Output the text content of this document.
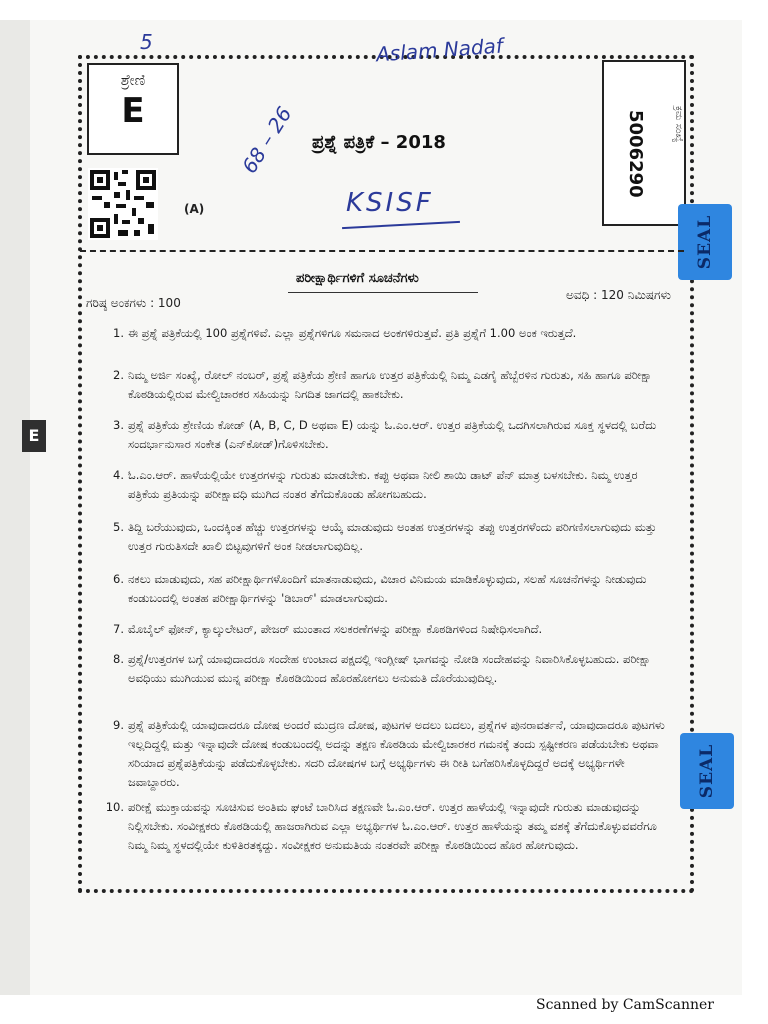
E
5	Aslam Nadaf
68 – 26
KSISF
ಶ್ರೇಣಿ
E
(A)
ಪ್ರಶ್ನೆ ಪತ್ರಿಕೆ – 2018	5006290	ಕ್ರಮ ಸಂಖ್ಯೆ
SEAL
SEAL
ಪರೀಕ್ಷಾರ್ಥಿಗಳಿಗೆ ಸೂಚನೆಗಳು
ಗರಿಷ್ಠ ಅಂಕಗಳು : 100
ಅವಧಿ : 120 ನಿಮಿಷಗಳು
1. ಈ ಪ್ರಶ್ನೆ ಪತ್ರಿಕೆಯಲ್ಲಿ 100 ಪ್ರಶ್ನೆಗಳಿವೆ. ಎಲ್ಲಾ ಪ್ರಶ್ನೆಗಳಿಗೂ ಸಮನಾದ ಅಂಕಗಳಿರುತ್ತವೆ. ಪ್ರತಿ ಪ್ರಶ್ನೆಗೆ 1.00 ಅಂಕ ಇರುತ್ತದೆ.
2. ನಿಮ್ಮ ಅರ್ಜಿ ಸಂಖ್ಯೆ, ರೋಲ್ ನಂಬರ್, ಪ್ರಶ್ನೆ ಪತ್ರಿಕೆಯ ಶ್ರೇಣಿ ಹಾಗೂ ಉತ್ತರ ಪತ್ರಿಕೆಯಲ್ಲಿ ನಿಮ್ಮ ಎಡಗೈ ಹೆಬ್ಬೆರಳಿನ ಗುರುತು, ಸಹಿ ಹಾಗೂ ಪರೀಕ್ಷಾ ಕೊಠಡಿಯಲ್ಲಿರುವ ಮೇಲ್ವಿಚಾರಕರ ಸಹಿಯನ್ನು ನಿಗದಿತ ಜಾಗದಲ್ಲಿ ಹಾಕಬೇಕು.
3. ಪ್ರಶ್ನೆ ಪತ್ರಿಕೆಯ ಶ್ರೇಣಿಯ ಕೋಡ್ (A, B, C, D ಅಥವಾ E) ಯನ್ನು ಓ.ಎಂ.ಆರ್. ಉತ್ತರ ಪತ್ರಿಕೆಯಲ್ಲಿ ಒದಗಿಸಲಾಗಿರುವ ಸೂಕ್ತ ಸ್ಥಳದಲ್ಲಿ ಬರೆದು ಸಂದರ್ಭಾನುಸಾರ ಸಂಕೇತ (ಎನ್‌ಕೋಡ್)ಗೊಳಿಸಬೇಕು.
4. ಓ.ಎಂ.ಆರ್. ಹಾಳೆಯಲ್ಲಿಯೇ ಉತ್ತರಗಳನ್ನು ಗುರುತು ಮಾಡಬೇಕು. ಕಪ್ಪು ಅಥವಾ ನೀಲಿ ಶಾಯಿ ಡಾಟ್ ಪೆನ್ ಮಾತ್ರ ಬಳಸಬೇಕು. ನಿಮ್ಮ ಉತ್ತರ ಪತ್ರಿಕೆಯ ಪ್ರತಿಯನ್ನು ಪರೀಕ್ಷಾವಧಿ ಮುಗಿದ ನಂತರ ತೆಗೆದುಕೊಂಡು ಹೋಗಬಹುದು.
5. ತಿದ್ದಿ ಬರೆಯುವುದು, ಒಂದಕ್ಕಿಂತ ಹೆಚ್ಚು ಉತ್ತರಗಳನ್ನು ಆಯ್ಕೆ ಮಾಡುವುದು ಅಂತಹ ಉತ್ತರಗಳನ್ನು ತಪ್ಪು ಉತ್ತರಗಳೆಂದು ಪರಿಗಣಿಸಲಾಗುವುದು ಮತ್ತು ಉತ್ತರ ಗುರುತಿಸದೇ ಖಾಲಿ ಬಿಟ್ಟವುಗಳಿಗೆ ಅಂಕ ನೀಡಲಾಗುವುದಿಲ್ಲ.
6. ನಕಲು ಮಾಡುವುದು, ಸಹ ಪರೀಕ್ಷಾರ್ಥಿಗಳೊಂದಿಗೆ ಮಾತನಾಡುವುದು, ವಿಚಾರ ವಿನಿಮಯ ಮಾಡಿಕೊಳ್ಳುವುದು, ಸಲಹೆ ಸೂಚನೆಗಳನ್ನು ನೀಡುವುದು ಕಂಡುಬಂದಲ್ಲಿ ಅಂತಹ ಪರೀಕ್ಷಾರ್ಥಿಗಳನ್ನು 'ಡಿಬಾರ್' ಮಾಡಲಾಗುವುದು.
7. ಮೊಬೈಲ್ ಫೋನ್, ಕ್ಯಾಲ್ಕುಲೇಟರ್, ಪೇಜರ್ ಮುಂತಾದ ಸಲಕರಣೆಗಳನ್ನು ಪರೀಕ್ಷಾ ಕೊಠಡಿಗಳಿಂದ ನಿಷೇಧಿಸಲಾಗಿದೆ.
8. ಪ್ರಶ್ನೆ/ಉತ್ತರಗಳ ಬಗ್ಗೆ ಯಾವುದಾದರೂ ಸಂದೇಹ ಉಂಟಾದ ಪಕ್ಷದಲ್ಲಿ ಇಂಗ್ಲೀಷ್ ಭಾಗವನ್ನು ನೋಡಿ ಸಂದೇಹವನ್ನು ನಿವಾರಿಸಿಕೊಳ್ಳಬಹುದು. ಪರೀಕ್ಷಾ ಅವಧಿಯು ಮುಗಿಯುವ ಮುನ್ನ ಪರೀಕ್ಷಾ ಕೊಠಡಿಯಿಂದ ಹೊರಹೋಗಲು ಅನುಮತಿ ದೊರೆಯುವುದಿಲ್ಲ.
9. ಪ್ರಶ್ನೆ ಪತ್ರಿಕೆಯಲ್ಲಿ ಯಾವುದಾದರೂ ದೋಷ ಅಂದರೆ ಮುದ್ರಣ ದೋಷ, ಪುಟಗಳ ಅದಲು ಬದಲು, ಪ್ರಶ್ನೆಗಳ ಪುನರಾವರ್ತನೆ, ಯಾವುದಾದರೂ ಪುಟಗಳು ಇಲ್ಲದಿದ್ದಲ್ಲಿ ಮತ್ತು ಇನ್ನಾವುದೇ ದೋಷ ಕಂಡುಬಂದಲ್ಲಿ ಅದನ್ನು ತಕ್ಷಣ ಕೊಠಡಿಯ ಮೇಲ್ವಿಚಾರಕರ ಗಮನಕ್ಕೆ ತಂದು ಸ್ಪಷ್ಟೀಕರಣ ಪಡೆಯಬೇಕು ಅಥವಾ ಸರಿಯಾದ ಪ್ರಶ್ನೆಪತ್ರಿಕೆಯನ್ನು ಪಡೆದುಕೊಳ್ಳಬೇಕು. ಸದರಿ ದೋಷಗಳ ಬಗ್ಗೆ ಅಭ್ಯರ್ಥಿಗಳು ಈ ರೀತಿ ಬಗೆಹರಿಸಿಕೊಳ್ಳದಿದ್ದರೆ ಅದಕ್ಕೆ ಅಭ್ಯರ್ಥಿಗಳೇ ಜವಾಬ್ದಾರರು.
10. ಪರೀಕ್ಷೆ ಮುಕ್ತಾಯವನ್ನು ಸೂಚಿಸುವ ಅಂತಿಮ ಘಂಟೆ ಬಾರಿಸಿದ ತಕ್ಷಣವೇ ಓ.ಎಂ.ಆರ್. ಉತ್ತರ ಹಾಳೆಯಲ್ಲಿ ಇನ್ನಾವುದೇ ಗುರುತು ಮಾಡುವುದನ್ನು ನಿಲ್ಲಿಸಬೇಕು. ಸಂವೀಕ್ಷಕರು ಕೊಠಡಿಯಲ್ಲಿ ಹಾಜರಾಗಿರುವ ಎಲ್ಲಾ ಅಭ್ಯರ್ಥಿಗಳ ಓ.ಎಂ.ಆರ್. ಉತ್ತರ ಹಾಳೆಯನ್ನು ತಮ್ಮ ವಶಕ್ಕೆ ತೆಗೆದುಕೊಳ್ಳುವವರೆಗೂ ನಿಮ್ಮ ನಿಮ್ಮ ಸ್ಥಳದಲ್ಲಿಯೇ ಕುಳಿತಿರತಕ್ಕದ್ದು. ಸಂವೀಕ್ಷಕರ ಅನುಮತಿಯ ನಂತರವೇ ಪರೀಕ್ಷಾ ಕೊಠಡಿಯಿಂದ ಹೊರ ಹೋಗುವುದು.
Scanned by CamScanner
